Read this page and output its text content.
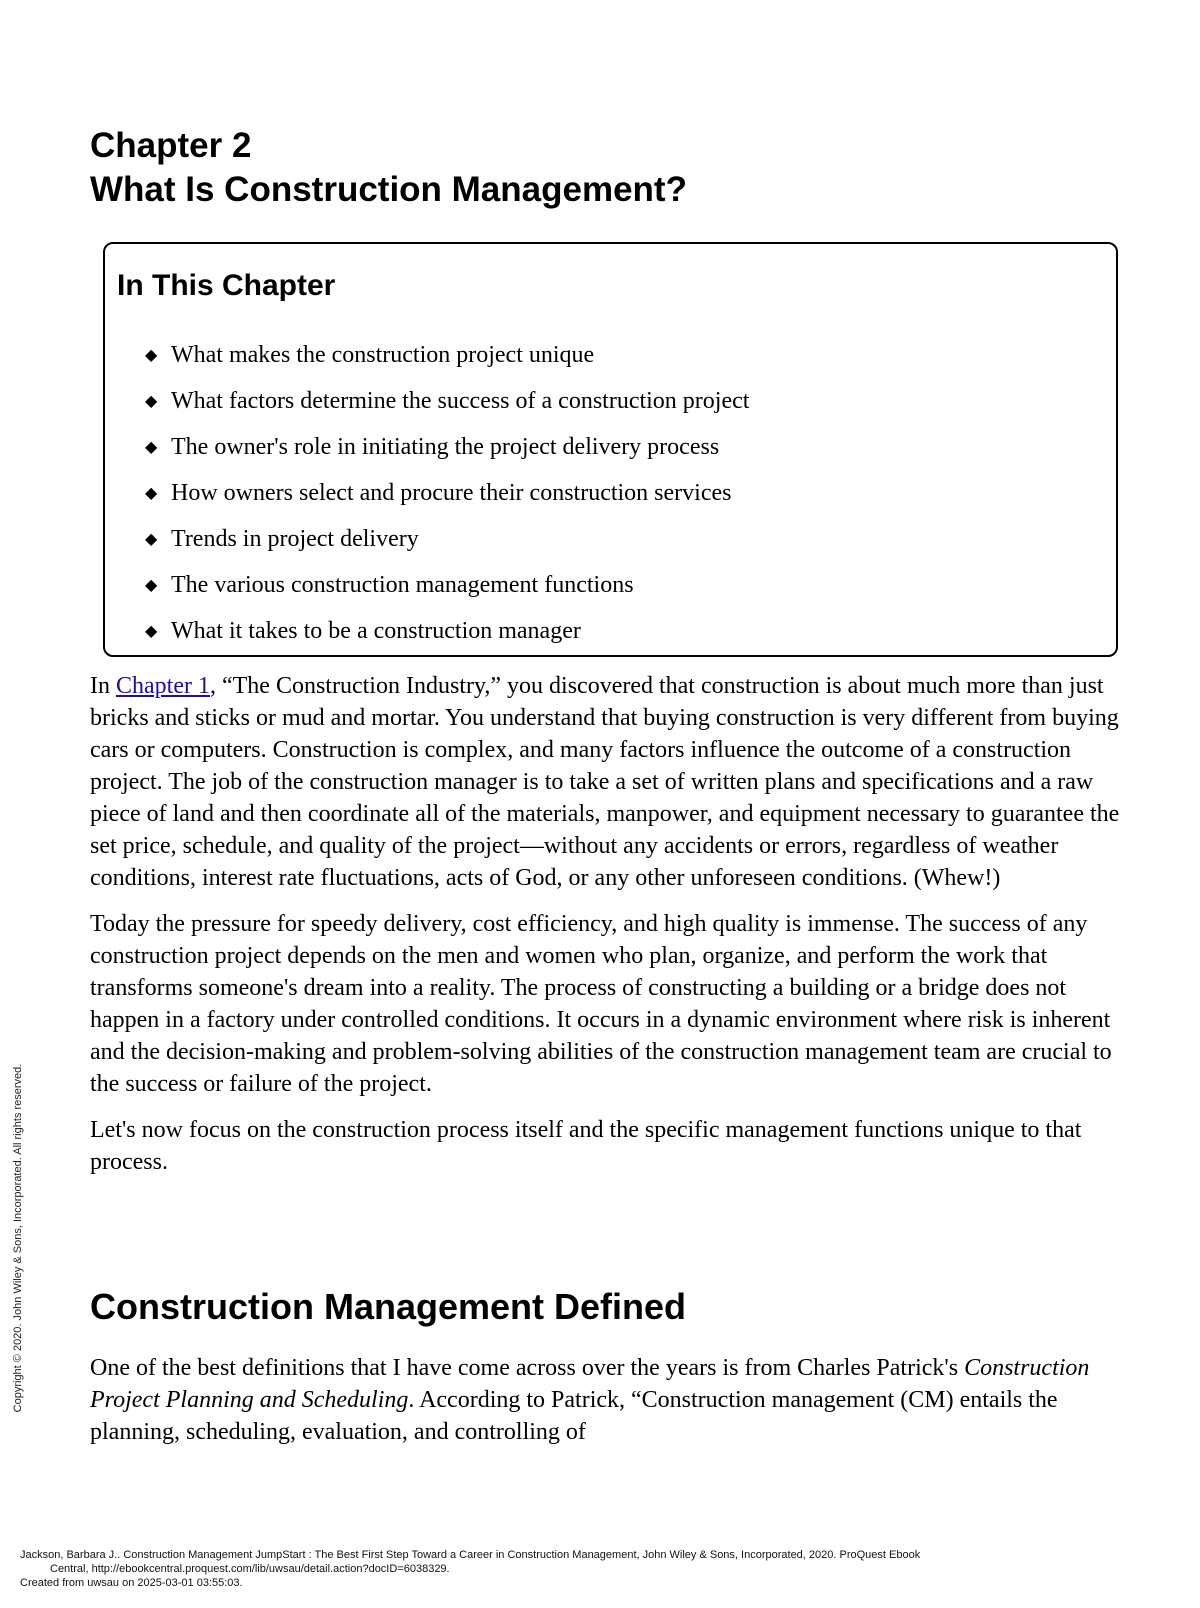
Chapter 2
What Is Construction Management?
In This Chapter
◆ What makes the construction project unique
◆ What factors determine the success of a construction project
◆ The owner's role in initiating the project delivery process
◆ How owners select and procure their construction services
◆ Trends in project delivery
◆ The various construction management functions
◆ What it takes to be a construction manager

In Chapter 1, “The Construction Industry,” you discovered that construction is about much more than just bricks and sticks or mud and mortar. You understand that buying construction is very different from buying cars or computers. Construction is complex, and many factors influence the outcome of a construction project. The job of the construction manager is to take a set of written plans and specifications and a raw piece of land and then coordinate all of the materials, manpower, and equipment necessary to guarantee the set price, schedule, and quality of the project—without any accidents or errors, regardless of weather conditions, interest rate fluctuations, acts of God, or any other unforeseen conditions. (Whew!)

Today the pressure for speedy delivery, cost efficiency, and high quality is immense. The success of any construction project depends on the men and women who plan, organize, and perform the work that transforms someone's dream into a reality. The process of constructing a building or a bridge does not happen in a factory under controlled conditions. It occurs in a dynamic environment where risk is inherent and the decision-making and problem-solving abilities of the construction management team are crucial to the success or failure of the project.

Let's now focus on the construction process itself and the specific management functions unique to that process.

Construction Management Defined

One of the best definitions that I have come across over the years is from Charles Patrick's Construction Project Planning and Scheduling. According to Patrick, “Construction management (CM) entails the planning, scheduling, evaluation, and controlling of

Copyright © 2020. John Wiley & Sons, Incorporated. All rights reserved.
Jackson, Barbara J.. Construction Management JumpStart : The Best First Step Toward a Career in Construction Management, John Wiley & Sons, Incorporated, 2020. ProQuest Ebook
Central, http://ebookcentral.proquest.com/lib/uwsau/detail.action?docID=6038329.
Created from uwsau on 2025-03-01 03:55:03.
